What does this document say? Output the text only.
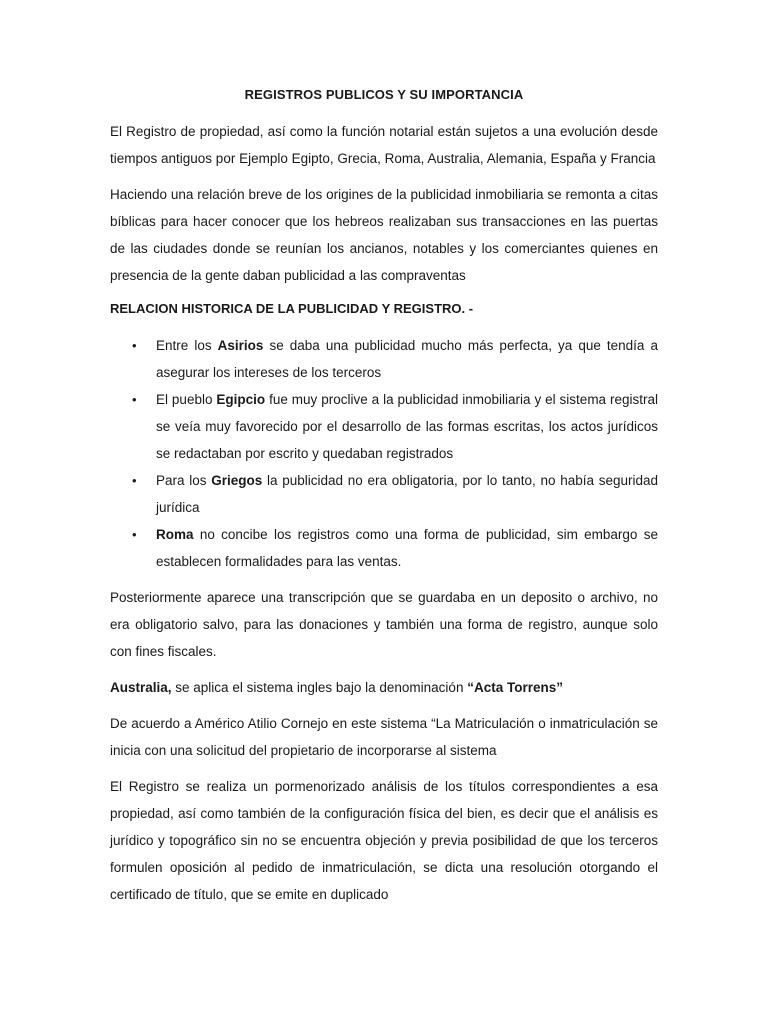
REGISTROS PUBLICOS Y SU IMPORTANCIA

El Registro de propiedad, así como la función notarial están sujetos a una evolución desde tiempos antiguos por Ejemplo Egipto, Grecia, Roma, Australia, Alemania, España y Francia

Haciendo una relación breve de los origines de la publicidad inmobiliaria se remonta a citas bíblicas para hacer conocer que los hebreos realizaban sus transacciones en las puertas de las ciudades donde se reunían los ancianos, notables y los comerciantes quienes en presencia de la gente daban publicidad a las compraventas

RELACION HISTORICA DE LA PUBLICIDAD Y REGISTRO. -
• Entre los Asirios se daba una publicidad mucho más perfecta, ya que tendía a asegurar los intereses de los terceros
• El pueblo Egipcio fue muy proclive a la publicidad inmobiliaria y el sistema registral se veía muy favorecido por el desarrollo de las formas escritas, los actos jurídicos se redactaban por escrito y quedaban registrados
• Para los Griegos la publicidad no era obligatoria, por lo tanto, no había seguridad jurídica
• Roma no concibe los registros como una forma de publicidad, sim embargo se establecen formalidades para las ventas.

Posteriormente aparece una transcripción que se guardaba en un deposito o archivo, no era obligatorio salvo, para las donaciones y también una forma de registro, aunque solo con fines fiscales.

Australia, se aplica el sistema ingles bajo la denominación “Acta Torrens”

De acuerdo a Américo Atilio Cornejo en este sistema “La Matriculación o inmatriculación se inicia con una solicitud del propietario de incorporarse al sistema

El Registro se realiza un pormenorizado análisis de los títulos correspondientes a esa propiedad, así como también de la configuración física del bien, es decir que el análisis es jurídico y topográfico sin no se encuentra objeción y previa posibilidad de que los terceros formulen oposición al pedido de inmatriculación, se dicta una resolución otorgando el certificado de título, que se emite en duplicado
